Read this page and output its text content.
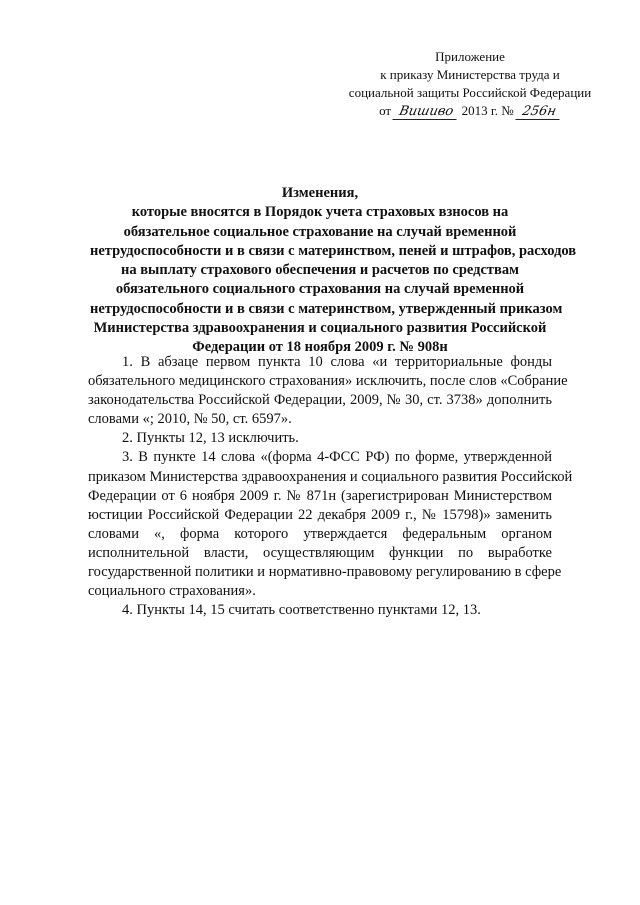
Приложение
к приказу Министерства труда и
социальной защиты Российской Федерации
от Вишиво 2013 г. № 256н
Изменения,
которые вносятся в Порядок учета страховых взносов на
обязательное социальное страхование на случай временной
нетрудоспособности и в связи с материнством, пеней и штрафов, расходов
на выплату страхового обеспечения и расчетов по средствам
обязательного социального страхования на случай временной
нетрудоспособности и в связи с материнством, утвержденный приказом
Министерства здравоохранения и социального развития Российской
Федерации от 18 ноября 2009 г. № 908н
1. В абзаце первом пункта 10 слова «и территориальные фонды
обязательного медицинского страхования» исключить, после слов «Собрание
законодательства Российской Федерации, 2009, № 30, ст. 3738» дополнить
словами «; 2010, № 50, ст. 6597».
2. Пункты 12, 13 исключить.
3. В пункте 14 слова «(форма 4-ФСС РФ) по форме, утвержденной
приказом Министерства здравоохранения и социального развития Российской
Федерации от 6 ноября 2009 г. № 871н (зарегистрирован Министерством
юстиции Российской Федерации 22 декабря 2009 г., № 15798)» заменить
словами «, форма которого утверждается федеральным органом
исполнительной власти, осуществляющим функции по выработке
государственной политики и нормативно-правовому регулированию в сфере
социального страхования».
4. Пункты 14, 15 считать соответственно пунктами 12, 13.
